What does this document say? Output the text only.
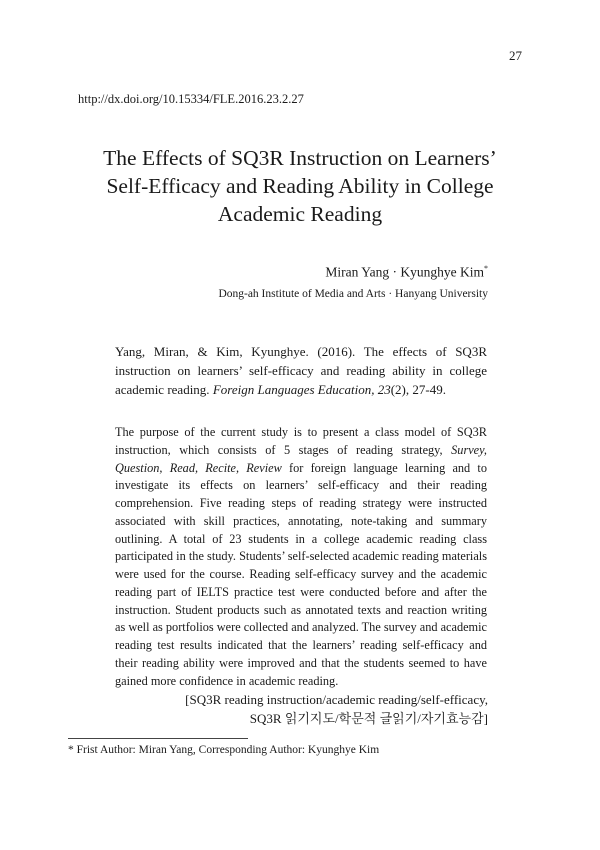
27
http://dx.doi.org/10.15334/FLE.2016.23.2.27
The Effects of SQ3R Instruction on Learners’
Self-Efficacy and Reading Ability in College
Academic Reading
Miran Yang · Kyunghye Kim*
Dong-ah Institute of Media and Arts · Hanyang University
Yang, Miran, & Kim, Kyunghye. (2016). The effects of SQ3R instruction on learners’ self-efficacy and reading ability in college academic reading. Foreign Languages Education, 23(2), 27-49.

The purpose of the current study is to present a class model of SQ3R instruction, which consists of 5 stages of reading strategy, Survey, Question, Read, Recite, Review for foreign language learning and to investigate its effects on learners’ self-efficacy and their reading comprehension. Five reading steps of reading strategy were instructed associated with skill practices, annotating, note-taking and summary outlining. A total of 23 students in a college academic reading class participated in the study. Students’ self-selected academic reading materials were used for the course. Reading self-efficacy survey and the academic reading part of IELTS practice test were conducted before and after the instruction. Student products such as annotated texts and reaction writing as well as portfolios were collected and analyzed. The survey and academic reading test results indicated that the learners’ reading self-efficacy and their reading ability were improved and that the students seemed to have gained more confidence in academic reading.

[SQ3R reading instruction/academic reading/self-efficacy,
SQ3R 읽기지도/학문적 글읽기/자기효능감]
* Frist Author: Miran Yang, Corresponding Author: Kyunghye Kim
